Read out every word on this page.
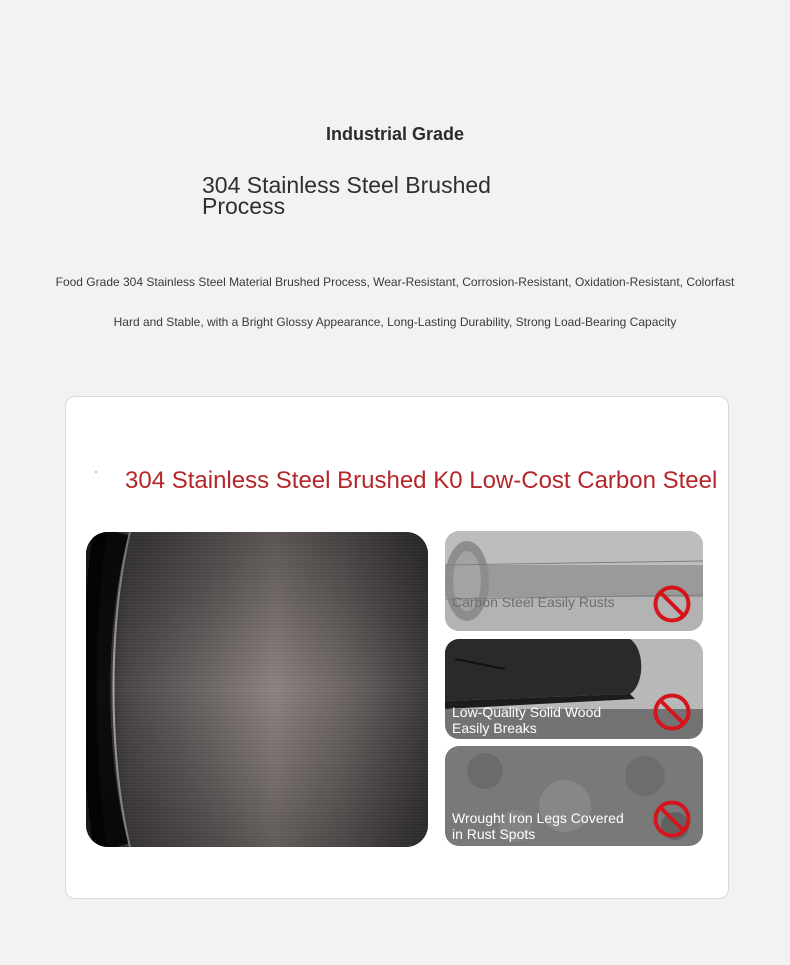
Industrial Grade
304 Stainless Steel Brushed Process
Food Grade 304 Stainless Steel Material Brushed Process, Wear-Resistant, Corrosion-Resistant, Oxidation-Resistant, Colorfast
Hard and Stable, with a Bright Glossy Appearance, Long-Lasting Durability, Strong Load-Bearing Capacity
304 Stainless Steel Brushed K0 Low-Cost Carbon Steel
Carbon Steel Easily Rusts
Low-Quality Solid Wood Easily Breaks
Wrought Iron Legs Covered in Rust Spots
